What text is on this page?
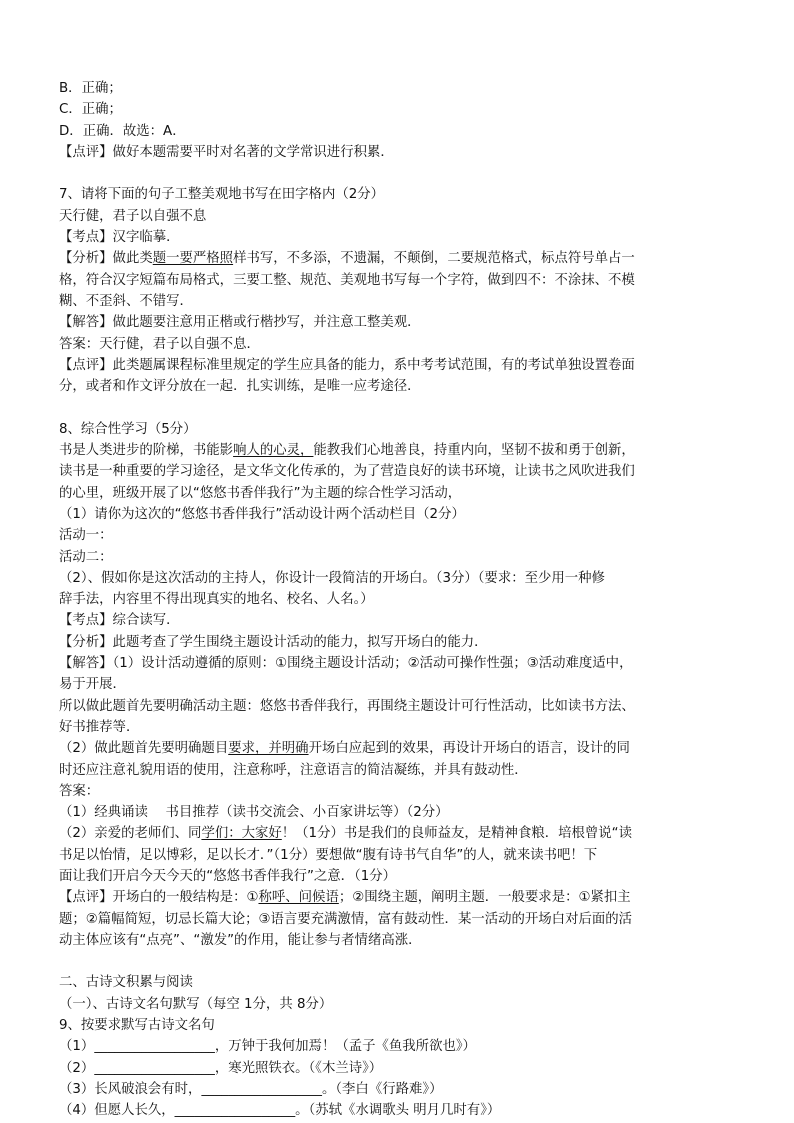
B．正确；
C．正确；
D．正确．故选：A．
【点评】做好本题需要平时对名著的文学常识进行积累．
7、请将下面的句子工整美观地书写在田字格内（2分）
天行健，君子以自强不息
【考点】汉字临摹．
【分析】做此类题一要严格照样书写，不多添，不遗漏，不颠倒，二要规范格式，标点符号单占一
格，符合汉字短篇布局格式，三要工整、规范、美观地书写每一个字符，做到四不：不涂抹、不模
糊、不歪斜、不错写．
【解答】做此题要注意用正楷或行楷抄写，并注意工整美观．
答案：天行健，君子以自强不息．
【点评】此类题属课程标准里规定的学生应具备的能力，系中考考试范围，有的考试单独设置卷面
分，或者和作文评分放在一起．扎实训练，是唯一应考途径．
8、综合性学习（5分）
书是人类进步的阶梯，书能影响人的心灵，能教我们心地善良，持重内向，坚韧不拔和勇于创新，
读书是一种重要的学习途径，是文华文化传承的，为了营造良好的读书环境，让读书之风吹进我们
的心里，班级开展了以“悠悠书香伴我行”为主题的综合性学习活动，
（1）请你为这次的“悠悠书香伴我行”活动设计两个活动栏目（2分）
活动一：
活动二：
（2）、假如你是这次活动的主持人，你设计一段简洁的开场白。（3分）（要求：至少用一种修
辞手法，内容里不得出现真实的地名、校名、人名。）
【考点】综合读写．
【分析】此题考查了学生围绕主题设计活动的能力，拟写开场白的能力．
【解答】（1）设计活动遵循的原则：①围绕主题设计活动；②活动可操作性强；③活动难度适中，
易于开展．
所以做此题首先要明确活动主题：悠悠书香伴我行，再围绕主题设计可行性活动，比如读书方法、
好书推荐等．
（2）做此题首先要明确题目要求，并明确开场白应起到的效果，再设计开场白的语言，设计的同
时还应注意礼貌用语的使用，注意称呼，注意语言的简洁凝练，并具有鼓动性．
答案：
（1）经典诵读　 书目推荐（读书交流会、小百家讲坛等）（2分）
（2）亲爱的老师们、同学们：大家好！（1分）书是我们的良师益友，是精神食粮．培根曾说“读
书足以怡情，足以博彩，足以长才．”（1分）要想做“腹有诗书气自华”的人，就来读书吧！下
面让我们开启今天今天的“悠悠书香伴我行”之意．（1分）
【点评】开场白的一般结构是：①称呼、问候语；②围绕主题，阐明主题．一般要求是：①紧扣主
题；②篇幅简短，切忌长篇大论；③语言要充满激情，富有鼓动性．某一活动的开场白对后面的活
动主体应该有“点亮”、“激发”的作用，能让参与者情绪高涨．
二、古诗文积累与阅读
（一）、古诗文名句默写（每空 1分，共 8分）
9、按要求默写古诗文名句
（1）__________________，万钟于我何加焉！（孟子《鱼我所欲也》）
（2）__________________，寒光照铁衣。（《木兰诗》）
（3）长风破浪会有时，__________________。（李白《行路难》）
（4）但愿人长久，__________________。（苏轼《水调歌头 明月几时有》）
